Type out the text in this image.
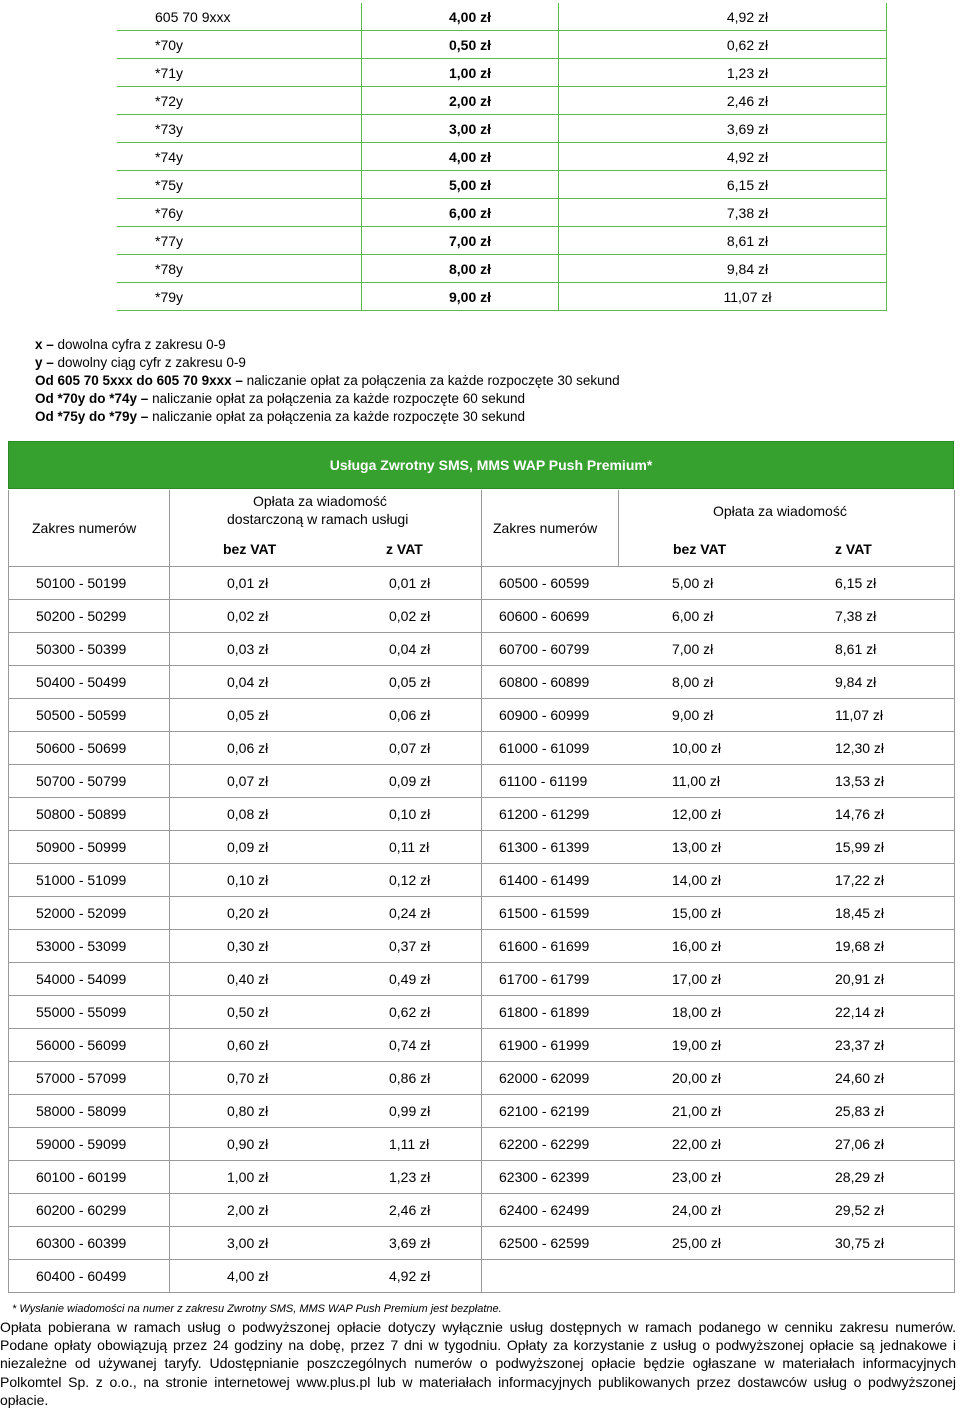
605 70 9xxx	4,00 zł	4,92 zł
*70y	0,50 zł	0,62 zł
*71y	1,00 zł	1,23 zł
*72y	2,00 zł	2,46 zł
*73y	3,00 zł	3,69 zł
*74y	4,00 zł	4,92 zł
*75y	5,00 zł	6,15 zł
*76y	6,00 zł	7,38 zł
*77y	7,00 zł	8,61 zł
*78y	8,00 zł	9,84 zł
*79y	9,00 zł	11,07 zł
x – dowolna cyfra z zakresu 0-9
y – dowolny ciąg cyfr z zakresu 0-9
Od 605 70 5xxx do 605 70 9xxx – naliczanie opłat za połączenia za każde rozpoczęte 30 sekund
Od *70y do *74y – naliczanie opłat za połączenia za każde rozpoczęte 60 sekund
Od *75y do *79y – naliczanie opłat za połączenia za każde rozpoczęte 30 sekund
Usługa Zwrotny SMS, MMS WAP Push Premium*
Zakres numerów
Opłata za wiadomość
dostarczoną w ramach usługi
bez VAT	z VAT
Zakres numerów
Opłata za wiadomość
bez VAT	z VAT
50100 - 50199	0,01 zł	0,01 zł	60500 - 60599	5,00 zł	6,15 zł
50200 - 50299	0,02 zł	0,02 zł	60600 - 60699	6,00 zł	7,38 zł
50300 - 50399	0,03 zł	0,04 zł	60700 - 60799	7,00 zł	8,61 zł
50400 - 50499	0,04 zł	0,05 zł	60800 - 60899	8,00 zł	9,84 zł
50500 - 50599	0,05 zł	0,06 zł	60900 - 60999	9,00 zł	11,07 zł
50600 - 50699	0,06 zł	0,07 zł	61000 - 61099	10,00 zł	12,30 zł
50700 - 50799	0,07 zł	0,09 zł	61100 - 61199	11,00 zł	13,53 zł
50800 - 50899	0,08 zł	0,10 zł	61200 - 61299	12,00 zł	14,76 zł
50900 - 50999	0,09 zł	0,11 zł	61300 - 61399	13,00 zł	15,99 zł
51000 - 51099	0,10 zł	0,12 zł	61400 - 61499	14,00 zł	17,22 zł
52000 - 52099	0,20 zł	0,24 zł	61500 - 61599	15,00 zł	18,45 zł
53000 - 53099	0,30 zł	0,37 zł	61600 - 61699	16,00 zł	19,68 zł
54000 - 54099	0,40 zł	0,49 zł	61700 - 61799	17,00 zł	20,91 zł
55000 - 55099	0,50 zł	0,62 zł	61800 - 61899	18,00 zł	22,14 zł
56000 - 56099	0,60 zł	0,74 zł	61900 - 61999	19,00 zł	23,37 zł
57000 - 57099	0,70 zł	0,86 zł	62000 - 62099	20,00 zł	24,60 zł
58000 - 58099	0,80 zł	0,99 zł	62100 - 62199	21,00 zł	25,83 zł
59000 - 59099	0,90 zł	1,11 zł	62200 - 62299	22,00 zł	27,06 zł
60100 - 60199	1,00 zł	1,23 zł	62300 - 62399	23,00 zł	28,29 zł
60200 - 60299	2,00 zł	2,46 zł	62400 - 62499	24,00 zł	29,52 zł
60300 - 60399	3,00 zł	3,69 zł	62500 - 62599	25,00 zł	30,75 zł
60400 - 60499	4,00 zł	4,92 zł
* Wysłanie wiadomości na numer z zakresu Zwrotny SMS, MMS WAP Push Premium jest bezpłatne.
Opłata pobierana w ramach usług o podwyższonej opłacie dotyczy wyłącznie usług dostępnych w ramach podanego w cenniku zakresu numerów. Podane opłaty obowiązują przez 24 godziny na dobę, przez 7 dni w tygodniu. Opłaty za korzystanie z usług o podwyższonej opłacie są jednakowe i niezależne od używanej taryfy. Udostępnianie poszczególnych numerów o podwyższonej opłacie będzie ogłaszane w materiałach informacyjnych Polkomtel Sp. z o.o., na stronie internetowej www.plus.pl lub w materiałach informacyjnych publikowanych przez dostawców usług o podwyższonej opłacie.
